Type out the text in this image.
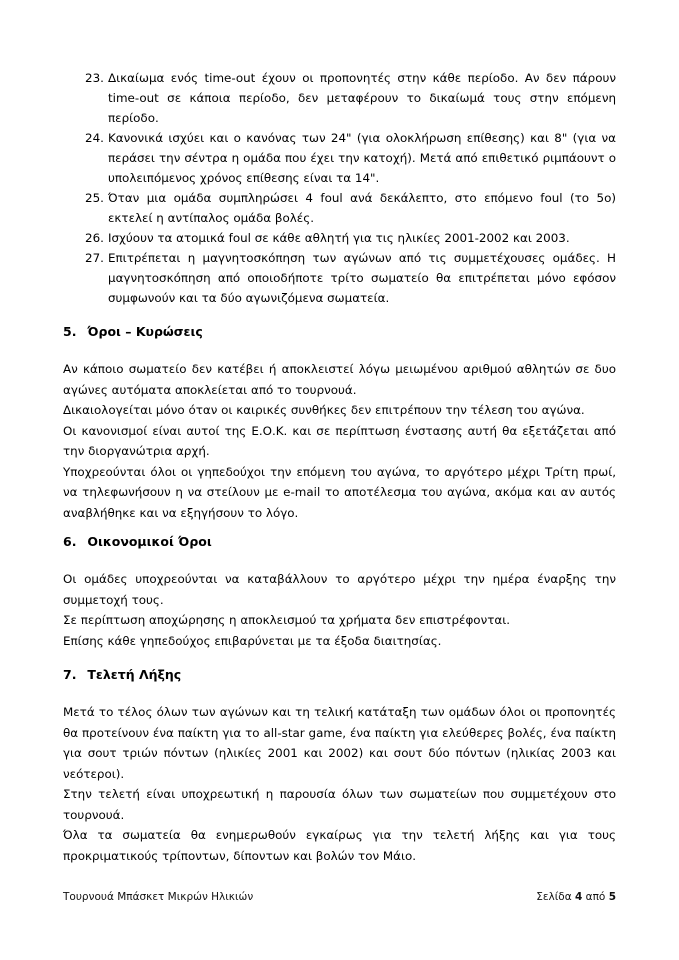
23. Δικαίωμα ενός time-out έχουν οι προπονητές στην κάθε περίοδο. Αν δεν πάρουν time-out σε κάποια περίοδο, δεν μεταφέρουν το δικαίωμά τους στην επόμενη περίοδο.
24. Κανονικά ισχύει και ο κανόνας των 24" (για ολοκλήρωση επίθεσης) και 8" (για να περάσει την σέντρα η ομάδα που έχει την κατοχή). Μετά από επιθετικό ριμπάουντ ο υπολειπόμενος χρόνος επίθεσης είναι τα 14".
25. Όταν μια ομάδα συμπληρώσει 4 foul ανά δεκάλεπτο, στο επόμενο foul (το 5ο) εκτελεί η αντίπαλος ομάδα βολές.
26. Ισχύουν τα ατομικά foul σε κάθε αθλητή για τις ηλικίες 2001-2002 και 2003.
27. Επιτρέπεται η μαγνητοσκόπηση των αγώνων από τις συμμετέχουσες ομάδες. Η μαγνητοσκόπηση από οποιοδήποτε τρίτο σωματείο θα επιτρέπεται μόνο εφόσον συμφωνούν και τα δύο αγωνιζόμενα σωματεία.
5. Όροι – Κυρώσεις

Αν κάποιο σωματείο δεν κατέβει ή αποκλειστεί λόγω μειωμένου αριθμού αθλητών σε δυο αγώνες αυτόματα αποκλείεται από το τουρνουά.

Δικαιολογείται μόνο όταν οι καιρικές συνθήκες δεν επιτρέπουν την τέλεση του αγώνα.

Οι κανονισμοί είναι αυτοί της Ε.Ο.Κ. και σε περίπτωση ένστασης αυτή θα εξετάζεται από την διοργανώτρια αρχή.

Υποχρεούνται όλοι οι γηπεδούχοι την επόμενη του αγώνα, το αργότερο μέχρι Τρίτη πρωί, να τηλεφωνήσουν η να στείλουν με e-mail το αποτέλεσμα του αγώνα, ακόμα και αν αυτός αναβλήθηκε και να εξηγήσουν το λόγο.

6. Οικονομικοί Όροι

Οι ομάδες υποχρεούνται να καταβάλλουν το αργότερο μέχρι την ημέρα έναρξης την συμμετοχή τους.

Σε περίπτωση αποχώρησης η αποκλεισμού τα χρήματα δεν επιστρέφονται.

Επίσης κάθε γηπεδούχος επιβαρύνεται με τα έξοδα διαιτησίας.

7. Τελετή Λήξης

Μετά το τέλος όλων των αγώνων και τη τελική κατάταξη των ομάδων όλοι οι προπονητές θα προτείνουν ένα παίκτη για το all-star game, ένα παίκτη για ελεύθερες βολές, ένα παίκτη για σουτ τριών πόντων (ηλικίες 2001 και 2002) και σουτ δύο πόντων (ηλικίας 2003 και νεότεροι).

Στην τελετή είναι υποχρεωτική η παρουσία όλων των σωματείων που συμμετέχουν στο τουρνουά.

Όλα τα σωματεία θα ενημερωθούν εγκαίρως για την τελετή λήξης και για τους προκριματικούς τρίποντων, δίποντων και βολών τον Μάιο.

Τουρνουά Μπάσκετ Μικρών Ηλικιών	Σελίδα 4 από 5
